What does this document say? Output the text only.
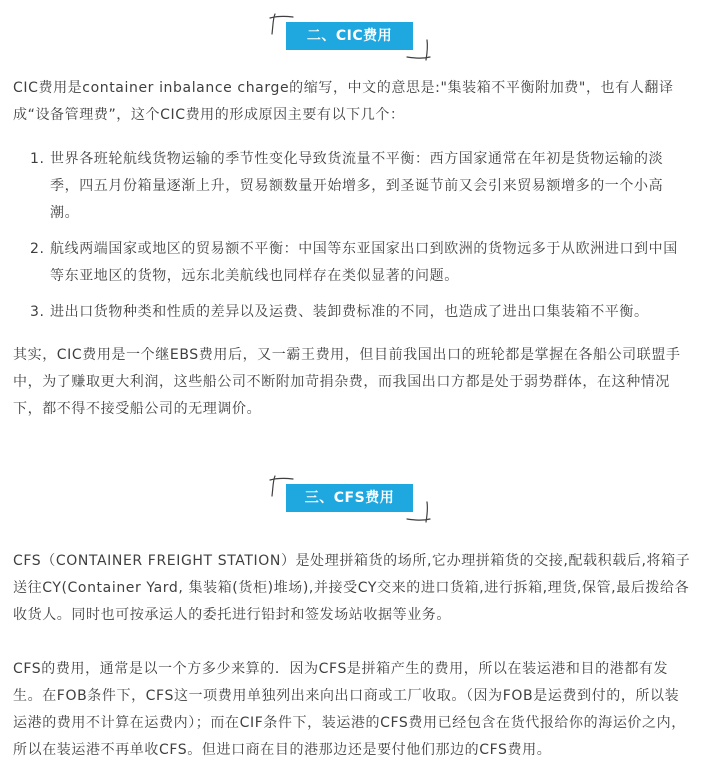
二、CIC费用

CIC费用是container inbalance charge的缩写，中文的意思是:"集装箱不平衡附加费"，也有人翻译成“设备管理费”，这个CIC费用的形成原因主要有以下几个：

1. 世界各班轮航线货物运输的季节性变化导致货流量不平衡：西方国家通常在年初是货物运输的淡季，四五月份箱量逐渐上升，贸易额数量开始增多，到圣诞节前又会引来贸易额增多的一个小高潮。
2. 航线两端国家或地区的贸易额不平衡：中国等东亚国家出口到欧洲的货物远多于从欧洲进口到中国等东亚地区的货物，远东北美航线也同样存在类似显著的问题。
3. 进出口货物种类和性质的差异以及运费、装卸费标准的不同，也造成了进出口集装箱不平衡。

其实，CIC费用是一个继EBS费用后，又一霸王费用，但目前我国出口的班轮都是掌握在各船公司联盟手中，为了赚取更大利润，这些船公司不断附加苛捐杂费，而我国出口方都是处于弱势群体，在这种情况下，都不得不接受船公司的无理调价。

三、CFS费用

CFS（CONTAINER FREIGHT STATION）是处理拼箱货的场所,它办理拼箱货的交接,配载积载后,将箱子送往CY(Container Yard, 集装箱(货柜)堆场),并接受CY交来的进口货箱,进行拆箱,理货,保管,最后拨给各收货人。同时也可按承运人的委托进行铅封和签发场站收据等业务。

CFS的费用，通常是以一个方多少来算的．因为CFS是拼箱产生的费用，所以在装运港和目的港都有发生。在FOB条件下，CFS这一项费用单独列出来向出口商或工厂收取。（因为FOB是运费到付的，所以装运港的费用不计算在运费内）；而在CIF条件下，装运港的CFS费用已经包含在货代报给你的海运价之内，所以在装运港不再单收CFS。但进口商在目的港那边还是要付他们那边的CFS费用。
